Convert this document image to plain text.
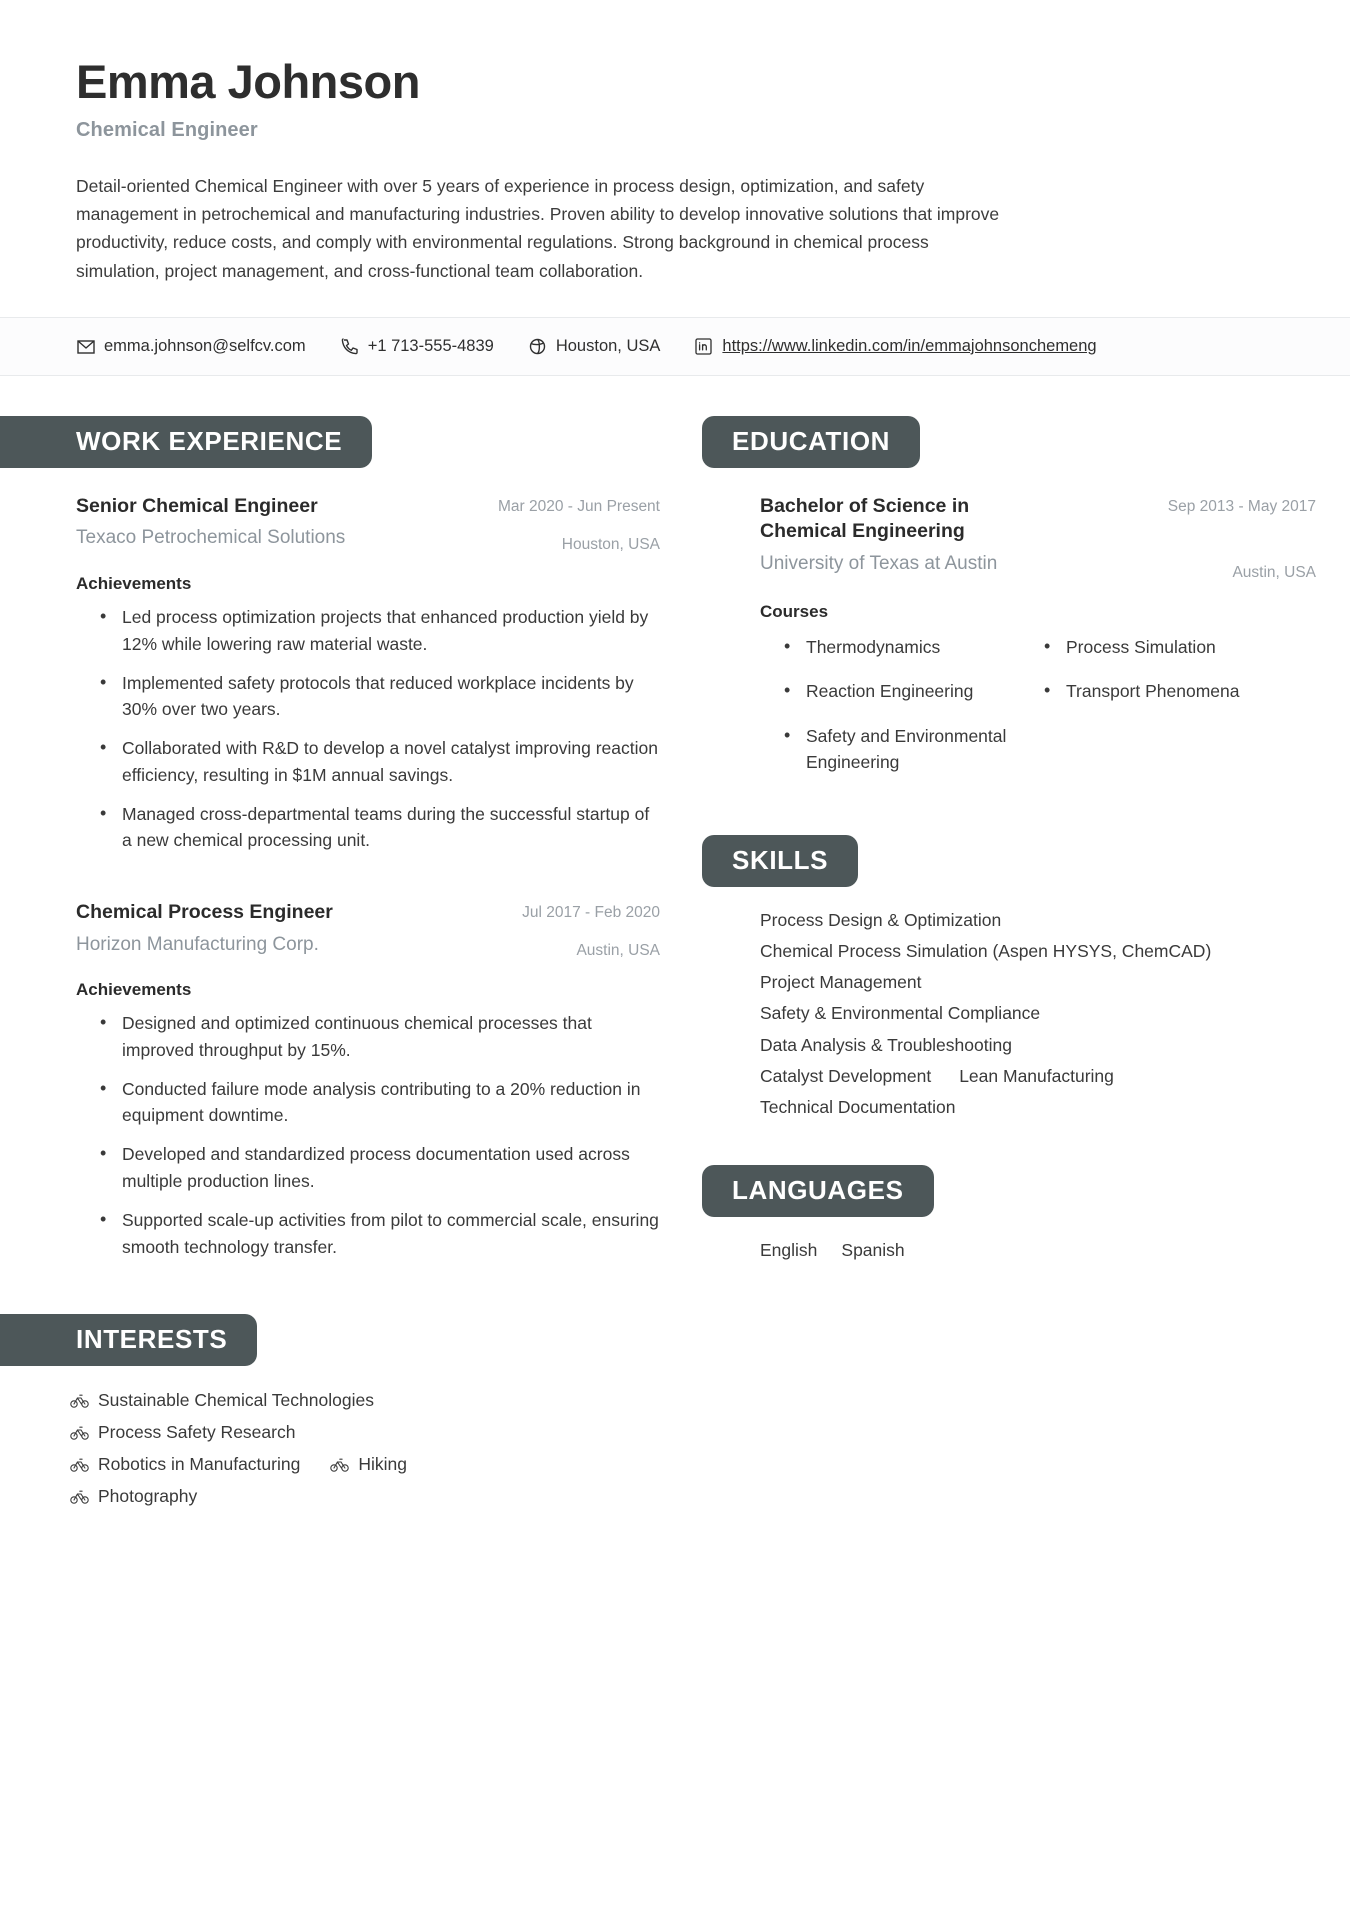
Emma Johnson
Chemical Engineer
Detail-oriented Chemical Engineer with over 5 years of experience in process design, optimization, and safety management in petrochemical and manufacturing industries. Proven ability to develop innovative solutions that improve productivity, reduce costs, and comply with environmental regulations. Strong background in chemical process simulation, project management, and cross-functional team collaboration.
emma.johnson@selfcv.com	+1 713-555-4839	Houston, USA	https://www.linkedin.com/in/emmajohnsonchemeng
WORK EXPERIENCE
Senior Chemical Engineer
Texaco Petrochemical Solutions
Mar 2020 - Jun Present
Houston, USA
Achievements
• Led process optimization projects that enhanced production yield by 12% while lowering raw material waste.
• Implemented safety protocols that reduced workplace incidents by 30% over two years.
• Collaborated with R&D to develop a novel catalyst improving reaction efficiency, resulting in $1M annual savings.
• Managed cross-departmental teams during the successful startup of a new chemical processing unit.
Chemical Process Engineer
Horizon Manufacturing Corp.
Jul 2017 - Feb 2020
Austin, USA
Achievements
• Designed and optimized continuous chemical processes that improved throughput by 15%.
• Conducted failure mode analysis contributing to a 20% reduction in equipment downtime.
• Developed and standardized process documentation used across multiple production lines.
• Supported scale-up activities from pilot to commercial scale, ensuring smooth technology transfer.
INTERESTS
Sustainable Chemical Technologies
Process Safety Research
Robotics in Manufacturing	Hiking
Photography
EDUCATION
Bachelor of Science in Chemical Engineering
University of Texas at Austin
Sep 2013 - May 2017
Austin, USA
Courses
• Thermodynamics	• Process Simulation
• Reaction Engineering	• Transport Phenomena
• Safety and Environmental Engineering
SKILLS
Process Design & Optimization
Chemical Process Simulation (Aspen HYSYS, ChemCAD)
Project Management
Safety & Environmental Compliance
Data Analysis & Troubleshooting
Catalyst Development Lean Manufacturing
Technical Documentation
LANGUAGES
English Spanish
